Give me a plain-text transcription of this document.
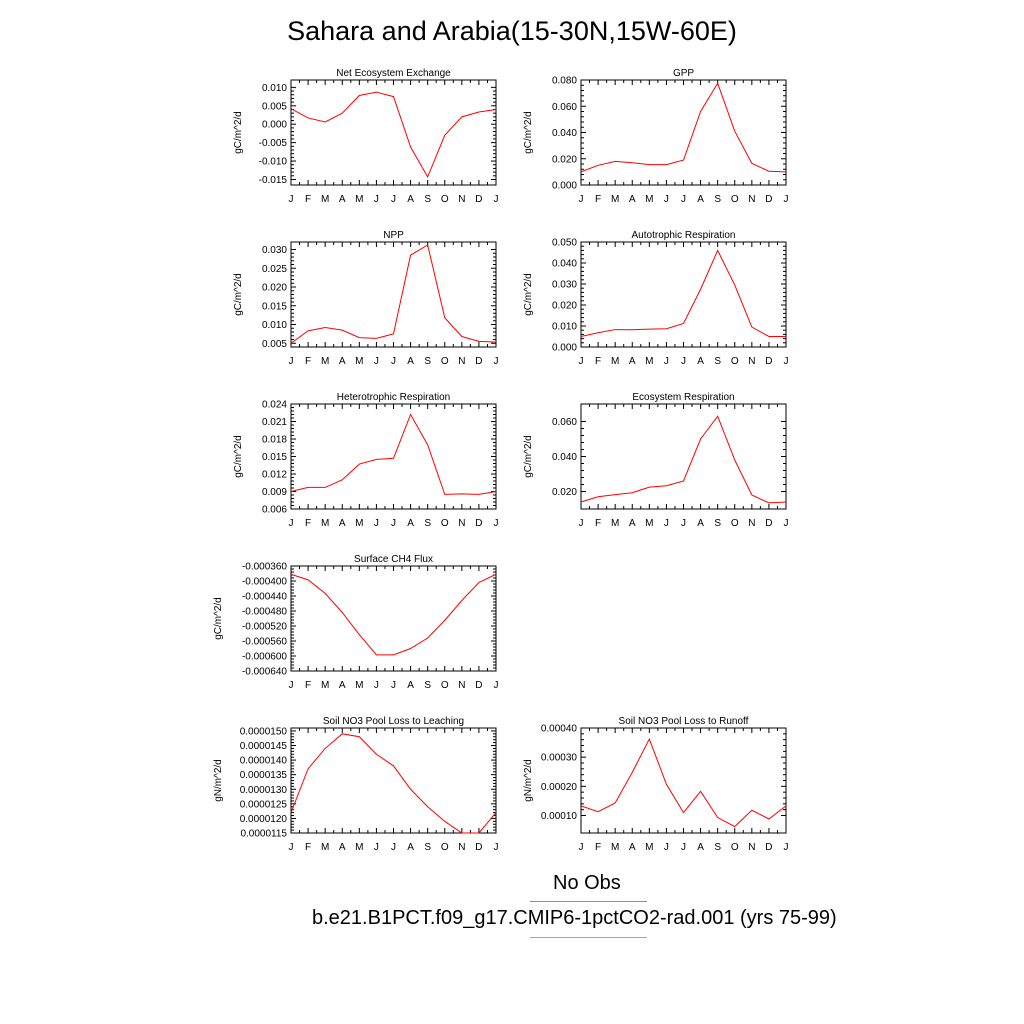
Sahara and Arabia(15-30N,15W-60E)
J F M A M J J A S O N D J
-0.015
-0.010
-0.005
0.000
0.005
0.010
Net Ecosystem Exchange
gC/m^2/d
J F M A M J J A S O N D J
0.000
0.020
0.040
0.060
0.080
GPP
gC/m^2/d
J F M A M J J A S O N D J
0.005
0.010
0.015
0.020
0.025
0.030
NPP
gC/m^2/d
J F M A M J J A S O N D J
0.000
0.010
0.020
0.030
0.040
0.050
Autotrophic Respiration
gC/m^2/d
J F M A M J J A S O N D J
0.006
0.009
0.012
0.015
0.018
0.021
0.024
Heterotrophic Respiration
gC/m^2/d
J F M A M J J A S O N D J
0.020
0.040
0.060
Ecosystem Respiration
gC/m^2/d
J F M A M J J A S O N D J
-0.000640
-0.000600
-0.000560
-0.000520
-0.000480
-0.000440
-0.000400
-0.000360
Surface CH4 Flux
gC/m^2/d
J F M A M J J A S O N D J
0.0000115
0.0000120
0.0000125
0.0000130
0.0000135
0.0000140
0.0000145
0.0000150
Soil NO3 Pool Loss to Leaching
gN/m^2/d
J F M A M J J A S O N D J
0.00010
0.00020
0.00030
0.00040
Soil NO3 Pool Loss to Runoff
gN/m^2/d
No Obs
b.e21.B1PCT.f09_g17.CMIP6-1pctCO2-rad.001 (yrs 75-99)
